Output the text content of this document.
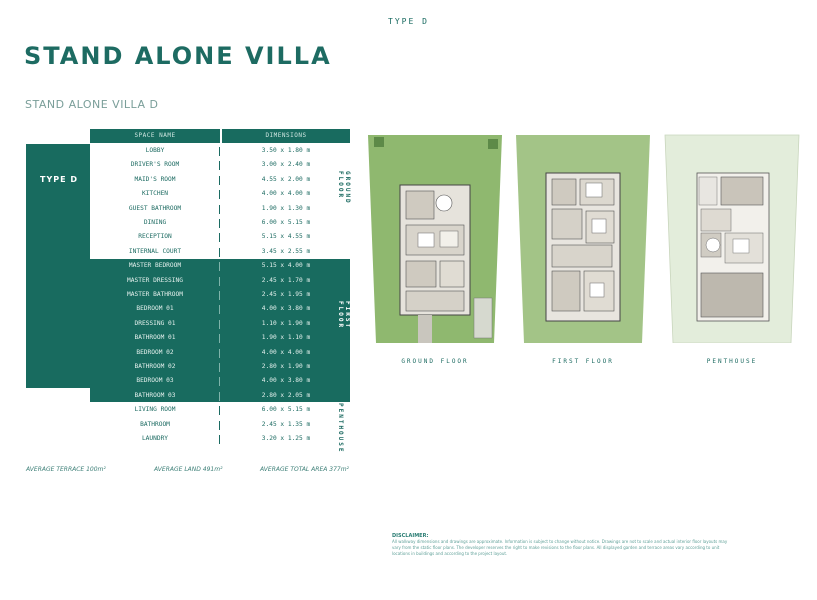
TYPE D
STAND ALONE VILLA
STAND ALONE VILLA D
SPACE NAME	DIMENSIONS
TYPE D
LOBBY	3.50 x 1.80 m
DRIVER'S ROOM	3.00 x 2.40 m
MAID'S ROOM	4.55 x 2.00 m
KITCHEN	4.00 x 4.00 m
GUEST BATHROOM	1.90 x 1.30 m
DINING	6.00 x 5.15 m
RECEPTION	5.15 x 4.55 m
INTERNAL COURT	3.45 x 2.55 m
MASTER BEDROOM	5.15 x 4.00 m
MASTER DRESSING	2.45 x 1.70 m
MASTER BATHROOM	2.45 x 1.95 m
BEDROOM 01	4.00 x 3.80 m
DRESSING 01	1.10 x 1.90 m
BATHROOM 01	1.90 x 1.10 m
BEDROOM 02	4.00 x 4.00 m
BATHROOM 02	2.80 x 1.90 m
BEDROOM 03	4.00 x 3.80 m
BATHROOM 03	2.80 x 2.05 m
LIVING ROOM	6.00 x 5.15 m
BATHROOM	2.45 x 1.35 m
LAUNDRY	3.20 x 1.25 m
GROUND FLOOR
FIRST FLOOR
PENTHOUSE
AVERAGE TERRACE 100m²	AVERAGE LAND 491m²	AVERAGE TOTAL AREA 377m²
GROUND FLOOR	FIRST FLOOR	PENTHOUSE
DISCLAIMER:
All walkway dimensions and drawings are approximate. Information is subject to change without notice. Drawings are not to scale and actual interior floor layouts may vary from the static floor plans. The developer reserves the right to make revisions to the floor plans. All displayed garden and terrace areas vary according to unit locations in buildings and according to the project layout.
